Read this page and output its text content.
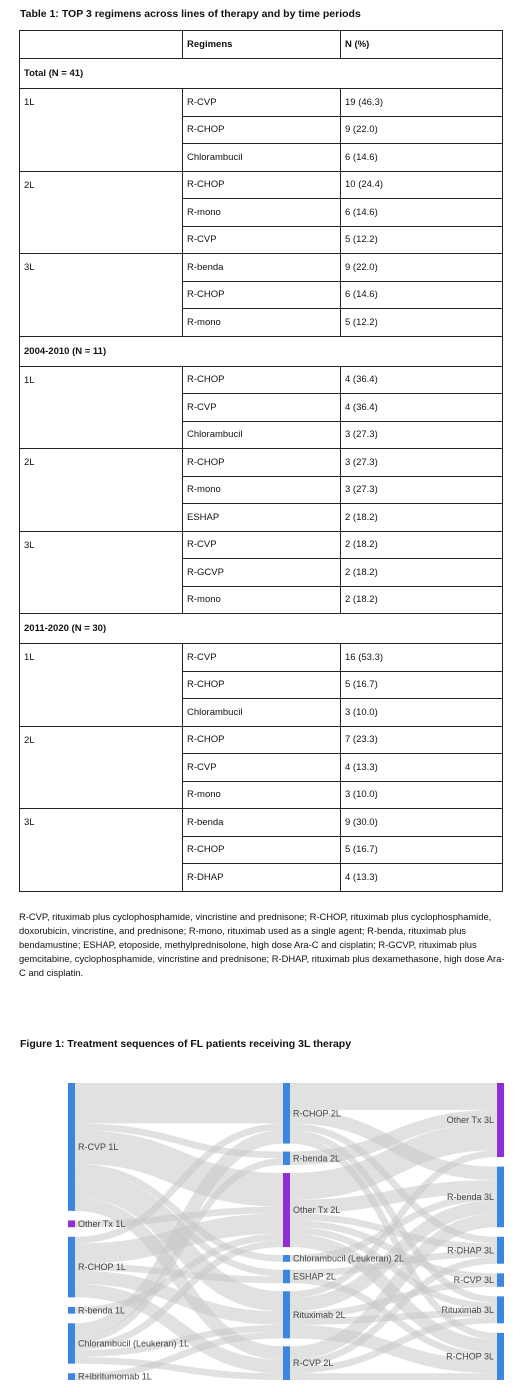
Table 1: TOP 3 regimens across lines of therapy and by time periods
	Regimens	N (%)
Total (N = 41)		
1L	R-CVP	19 (46.3)
	R-CHOP	9 (22.0)
	Chlorambucil	6 (14.6)
2L	R-CHOP	10 (24.4)
	R-mono	6 (14.6)
	R-CVP	5 (12.2)
3L	R-benda	9 (22.0)
	R-CHOP	6 (14.6)
	R-mono	5 (12.2)
2004-2010 (N = 11)		
1L	R-CHOP	4 (36.4)
	R-CVP	4 (36.4)
	Chlorambucil	3 (27.3)
2L	R-CHOP	3 (27.3)
	R-mono	3 (27.3)
	ESHAP	2 (18.2)
3L	R-CVP	2 (18.2)
	R-GCVP	2 (18.2)
	R-mono	2 (18.2)
2011-2020 (N = 30)		
1L	R-CVP	16 (53.3)
	R-CHOP	5 (16.7)
	Chlorambucil	3 (10.0)
2L	R-CHOP	7 (23.3)
	R-CVP	4 (13.3)
	R-mono	3 (10.0)
3L	R-benda	9 (30.0)
	R-CHOP	5 (16.7)
	R-DHAP	4 (13.3)
R-CVP, rituximab plus cyclophosphamide, vincristine and prednisone; R-CHOP, rituximab plus cyclophosphamide, doxorubicin, vincristine, and prednisone; R-mono, rituximab used as a single agent; R-benda, rituximab plus bendamustine; ESHAP, etoposide, methylprednisolone, high dose Ara-C and cisplatin; R-GCVP, rituximab plus gemcitabine, cyclophosphamide, vincristine and prednisone; R-DHAP, rituximab plus dexamethasone, high dose Ara-C and cisplatin.
Figure 1: Treatment sequences of FL patients receiving 3L therapy
R-CVP 1L
Other Tx 1L
R-CHOP 1L
R-benda 1L
Chlorambucil (Leukeran) 1L
R+ibritumomab 1L
R-CHOP 2L
R-benda 2L
Other Tx 2L
Chlorambucil (Leukeran) 2L
ESHAP 2L
Rituximab 2L
R-CVP 2L
Other Tx 3L
R-benda 3L
R-DHAP 3L
R-CVP 3L
Rituximab 3L
R-CHOP 3L
